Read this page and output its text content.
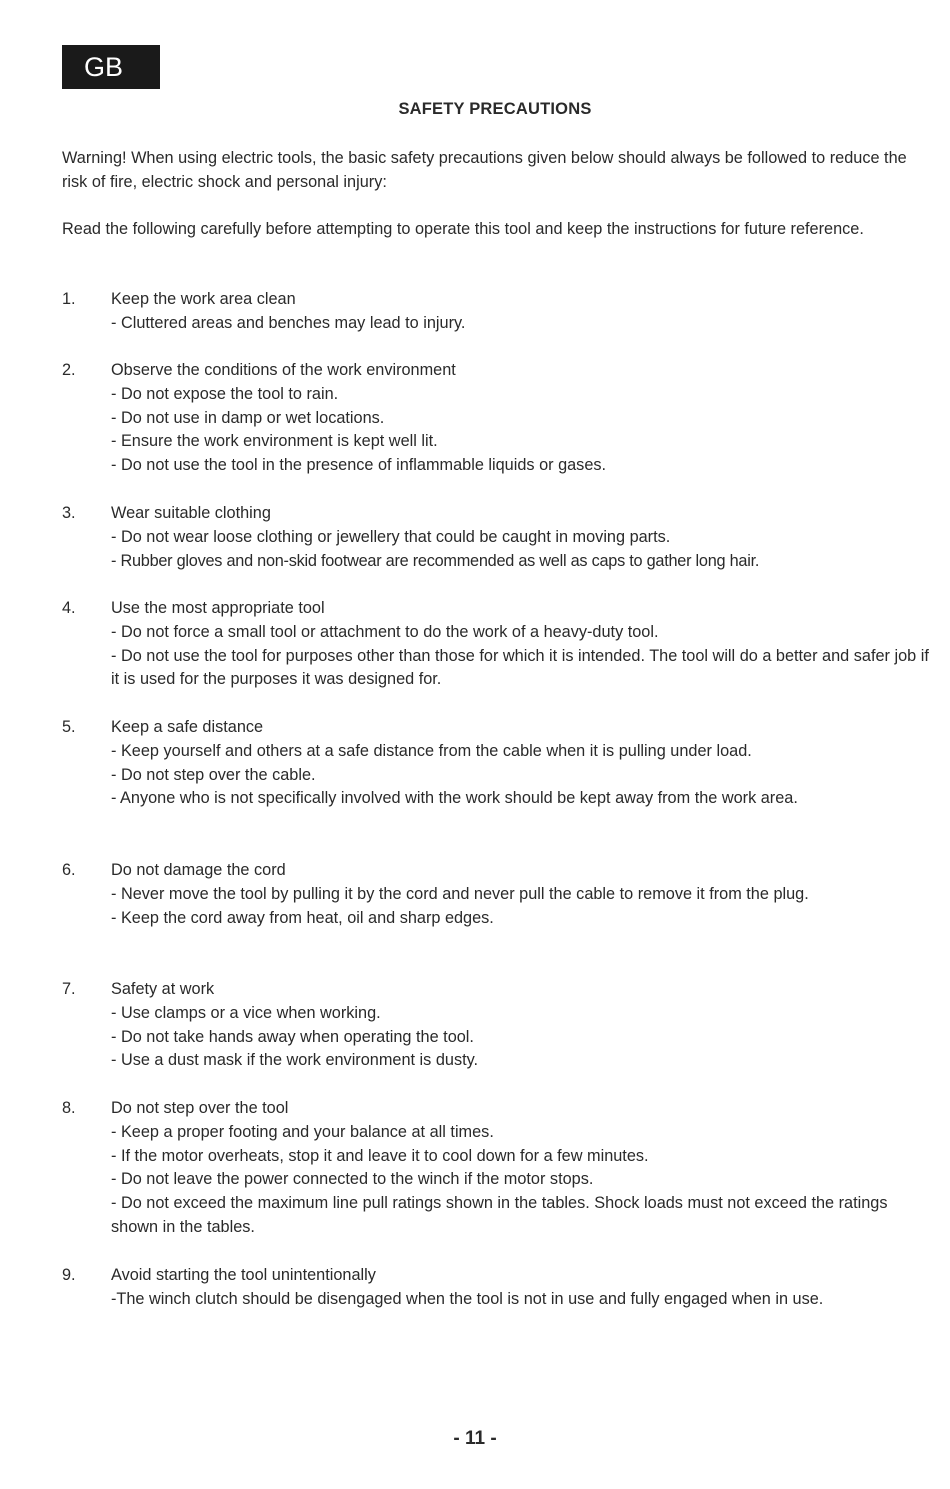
GB
SAFETY PRECAUTIONS

Warning! When using electric tools, the basic safety precautions given below should always be followed to reduce the risk of fire, electric shock and personal injury:

Read the following carefully before attempting to operate this tool and keep the instructions for future reference.

1. Keep the work area clean
- Cluttered areas and benches may lead to injury.
2. Observe the conditions of the work environment
- Do not expose the tool to rain.
- Do not use in damp or wet locations.
- Ensure the work environment is kept well lit.
- Do not use the tool in the presence of inflammable liquids or gases.
3. Wear suitable clothing
- Do not wear loose clothing or jewellery that could be caught in moving parts.
- Rubber gloves and non-skid footwear are recommended as well as caps to gather long hair.
4. Use the most appropriate tool
- Do not force a small tool or attachment to do the work of a heavy-duty tool.
- Do not use the tool for purposes other than those for which it is intended. The tool will do a better and safer job if it is used for the purposes it was designed for.
5. Keep a safe distance
- Keep yourself and others at a safe distance from the cable when it is pulling under load.
- Do not step over the cable.
- Anyone who is not specifically involved with the work should be kept away from the work area.
6. Do not damage the cord
- Never move the tool by pulling it by the cord and never pull the cable to remove it from the plug.
- Keep the cord away from heat, oil and sharp edges.
7. Safety at work
- Use clamps or a vice when working.
- Do not take hands away when operating the tool.
- Use a dust mask if the work environment is dusty.
8. Do not step over the tool
- Keep a proper footing and your balance at all times.
- If the motor overheats, stop it and leave it to cool down for a few minutes.
- Do not leave the power connected to the winch if the motor stops.
- Do not exceed the maximum line pull ratings shown in the tables. Shock loads must not exceed the ratings shown in the tables.
9. Avoid starting the tool unintentionally
-The winch clutch should be disengaged when the tool is not in use and fully engaged when in use.
- 11 -
